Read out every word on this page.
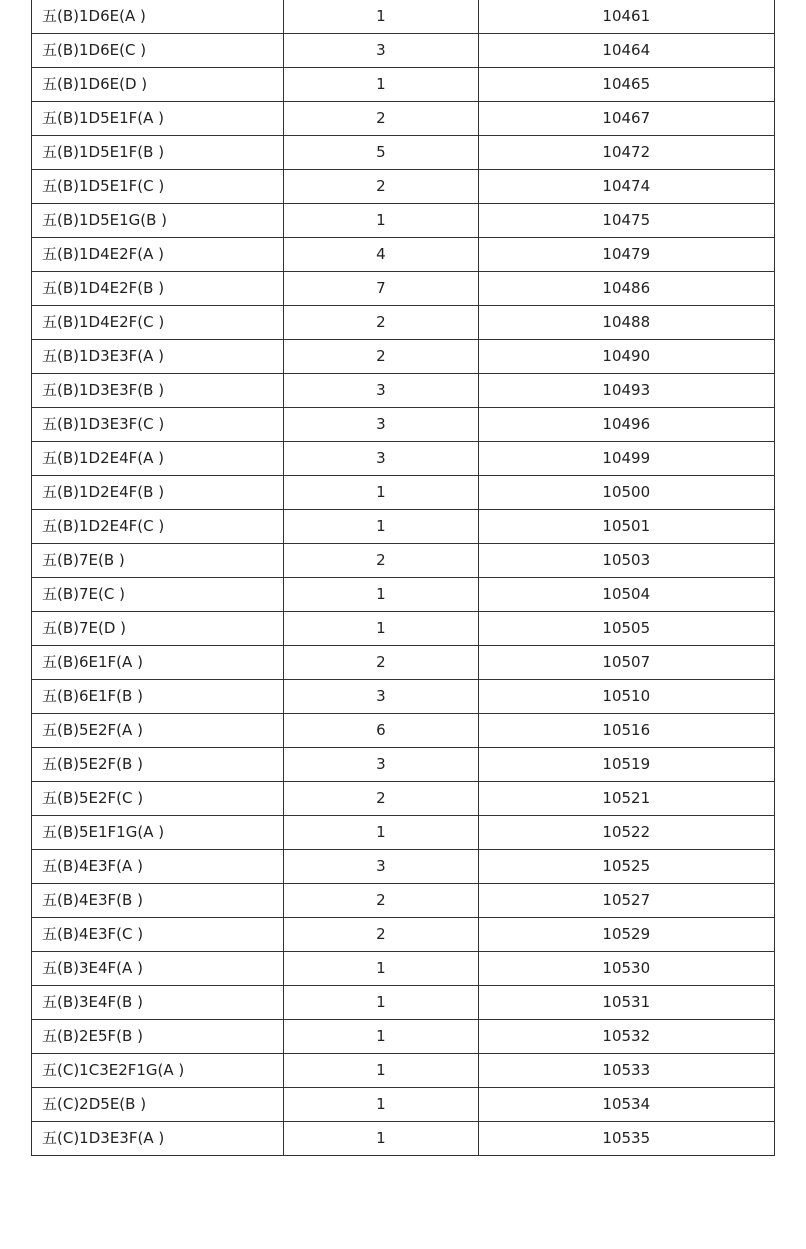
五(B)1D6E(A )	1	10461
五(B)1D6E(C )	3	10464
五(B)1D6E(D )	1	10465
五(B)1D5E1F(A )	2	10467
五(B)1D5E1F(B )	5	10472
五(B)1D5E1F(C )	2	10474
五(B)1D5E1G(B )	1	10475
五(B)1D4E2F(A )	4	10479
五(B)1D4E2F(B )	7	10486
五(B)1D4E2F(C )	2	10488
五(B)1D3E3F(A )	2	10490
五(B)1D3E3F(B )	3	10493
五(B)1D3E3F(C )	3	10496
五(B)1D2E4F(A )	3	10499
五(B)1D2E4F(B )	1	10500
五(B)1D2E4F(C )	1	10501
五(B)7E(B )	2	10503
五(B)7E(C )	1	10504
五(B)7E(D )	1	10505
五(B)6E1F(A )	2	10507
五(B)6E1F(B )	3	10510
五(B)5E2F(A )	6	10516
五(B)5E2F(B )	3	10519
五(B)5E2F(C )	2	10521
五(B)5E1F1G(A )	1	10522
五(B)4E3F(A )	3	10525
五(B)4E3F(B )	2	10527
五(B)4E3F(C )	2	10529
五(B)3E4F(A )	1	10530
五(B)3E4F(B )	1	10531
五(B)2E5F(B )	1	10532
五(C)1C3E2F1G(A )	1	10533
五(C)2D5E(B )	1	10534
五(C)1D3E3F(A )	1	10535
